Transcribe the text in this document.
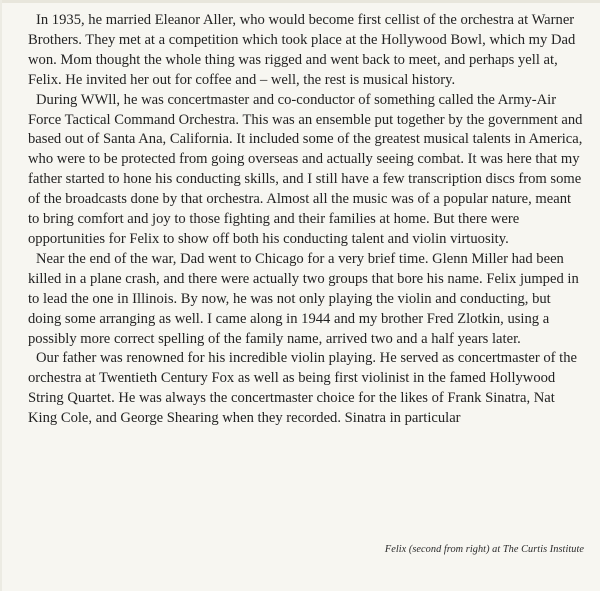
In 1935, he married Eleanor Aller, who would become first cellist of the orchestra at Warner Brothers. They met at a competition which took place at the Hollywood Bowl, which my Dad won. Mom thought the whole thing was rigged and went back to meet, and perhaps yell at, Felix. He invited her out for coffee and – well, the rest is musical history.

During WWll, he was concertmaster and co-conductor of something called the Army-Air Force Tactical Command Orchestra. This was an ensemble put together by the government and based out of Santa Ana, California. It included some of the greatest musical talents in America, who were to be protected from going overseas and actually seeing combat. It was here that my father started to hone his conducting skills, and I still have a few transcription discs from some of the broadcasts done by that orchestra. Almost all the music was of a popular nature, meant to bring comfort and joy to those fighting and their families at home. But there were opportunities for Felix to show off both his conducting talent and violin virtuosity.

Near the end of the war, Dad went to Chicago for a very brief time. Glenn Miller had been killed in a plane crash, and there were actually two groups that bore his name. Felix jumped in to lead the one in Illinois. By now, he was not only playing the violin and conducting, but doing some arranging as well. I came along in 1944 and my brother Fred Zlotkin, using a possibly more correct spelling of the family name, arrived two and a half years later.

Our father was renowned for his incredible violin playing. He served as concertmaster of the orchestra at Twentieth Century Fox as well as being first violinist in the famed Hollywood String Quartet. He was always the concertmaster choice for the likes of Frank Sinatra, Nat King Cole, and George Shearing when they recorded. Sinatra in particular

Felix (second from right) at The Curtis Institute
